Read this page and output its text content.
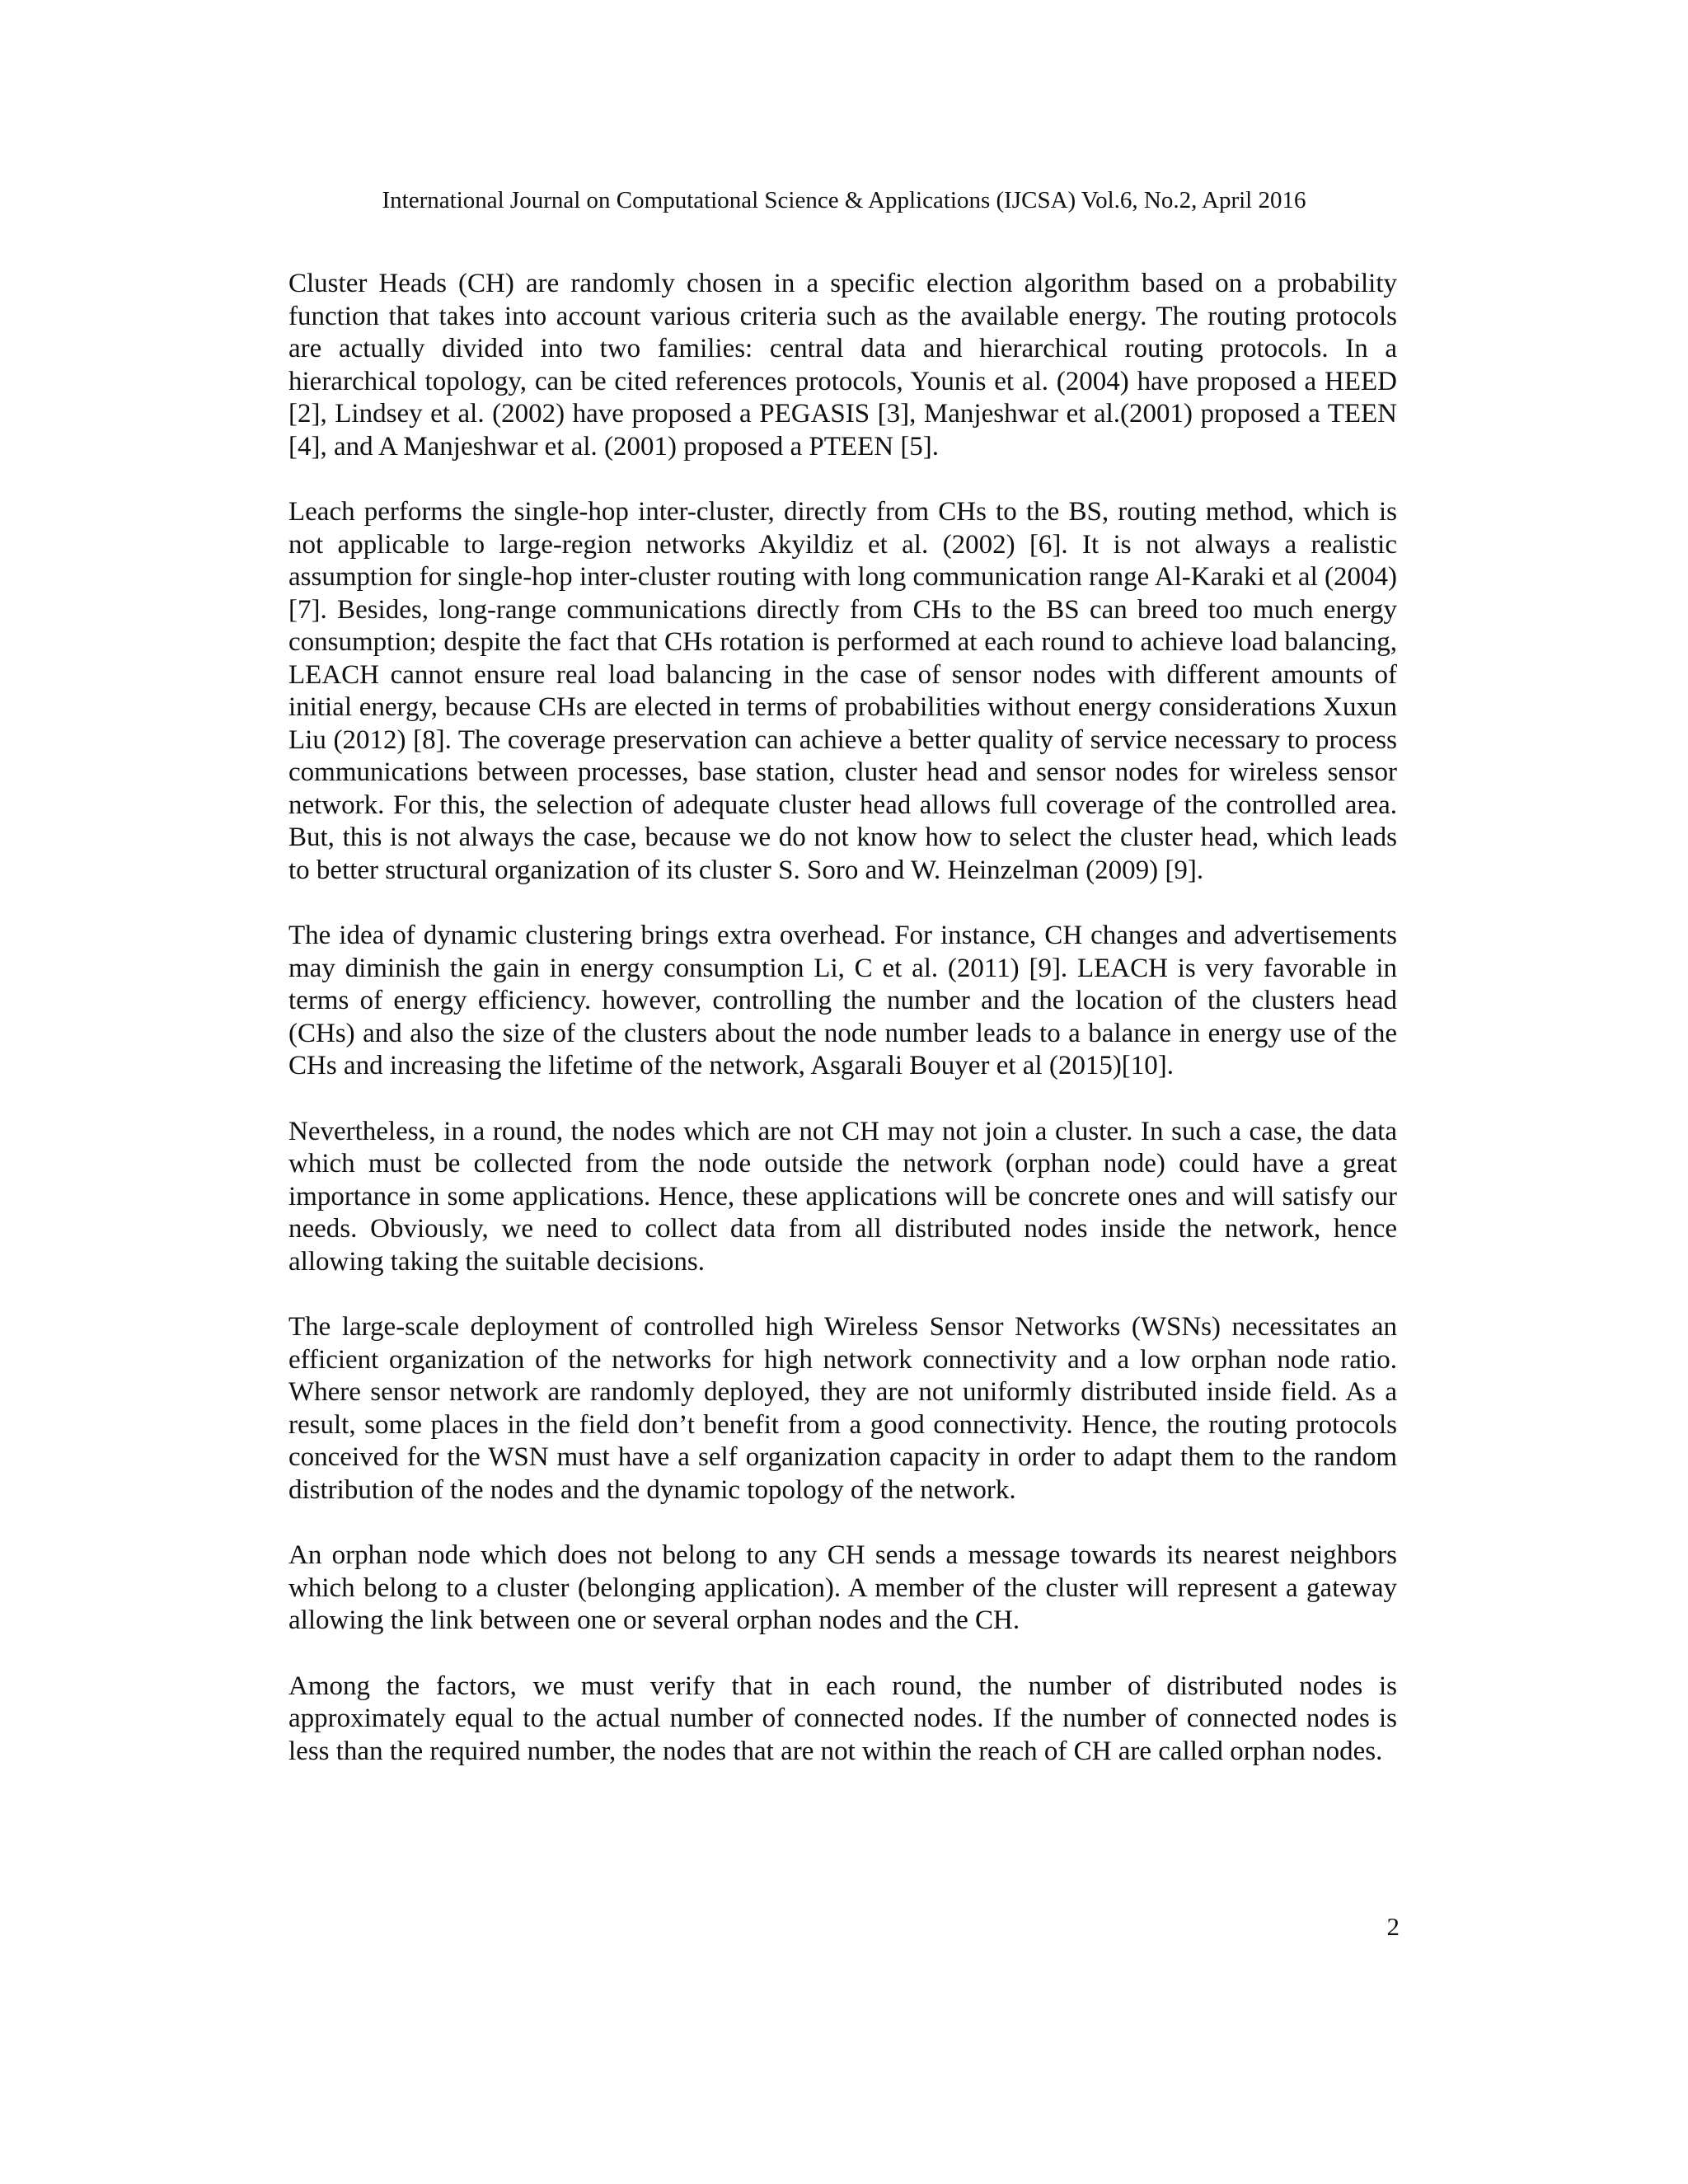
International Journal on Computational Science & Applications (IJCSA) Vol.6, No.2, April 2016

Cluster Heads (CH) are randomly chosen in a specific election algorithm based on a probability function that takes into account various criteria such as the available energy. The routing protocols are actually divided into two families: central data and hierarchical routing protocols. In a hierarchical topology, can be cited references protocols, Younis et al. (2004) have proposed a HEED [2], Lindsey et al. (2002) have proposed a PEGASIS [3], Manjeshwar et al.(2001) proposed a TEEN [4], and A Manjeshwar et al. (2001) proposed a PTEEN [5].

Leach performs the single-hop inter-cluster, directly from CHs to the BS, routing method, which is not applicable to large-region networks Akyildiz et al. (2002) [6]. It is not always a realistic assumption for single-hop inter-cluster routing with long communication range Al-Karaki et al (2004) [7]. Besides, long-range communications directly from CHs to the BS can breed too much energy consumption; despite the fact that CHs rotation is performed at each round to achieve load balancing, LEACH cannot ensure real load balancing in the case of sensor nodes with different amounts of initial energy, because CHs are elected in terms of probabilities without energy considerations Xuxun Liu (2012) [8]. The coverage preservation can achieve a better quality of service necessary to process communications between processes, base station, cluster head and sensor nodes for wireless sensor network. For this, the selection of adequate cluster head allows full coverage of the controlled area. But, this is not always the case, because we do not know how to select the cluster head, which leads to better structural organization of its cluster S. Soro and W. Heinzelman (2009) [9].

The idea of dynamic clustering brings extra overhead. For instance, CH changes and advertisements may diminish the gain in energy consumption Li, C et al. (2011) [9]. LEACH is very favorable in terms of energy efficiency. however, controlling the number and the location of the clusters head (CHs) and also the size of the clusters about the node number leads to a balance in energy use of the CHs and increasing the lifetime of the network, Asgarali Bouyer et al (2015)[10].

Nevertheless, in a round, the nodes which are not CH may not join a cluster. In such a case, the data which must be collected from the node outside the network (orphan node) could have a great importance in some applications. Hence, these applications will be concrete ones and will satisfy our needs. Obviously, we need to collect data from all distributed nodes inside the network, hence allowing taking the suitable decisions.

The large-scale deployment of controlled high Wireless Sensor Networks (WSNs) necessitates an efficient organization of the networks for high network connectivity and a low orphan node ratio. Where sensor network are randomly deployed, they are not uniformly distributed inside field. As a result, some places in the field don’t benefit from a good connectivity. Hence, the routing protocols conceived for the WSN must have a self organization capacity in order to adapt them to the random distribution of the nodes and the dynamic topology of the network.

An orphan node which does not belong to any CH sends a message towards its nearest neighbors which belong to a cluster (belonging application). A member of the cluster will represent a gateway allowing the link between one or several orphan nodes and the CH.

Among the factors, we must verify that in each round, the number of distributed nodes is approximately equal to the actual number of connected nodes. If the number of connected nodes is less than the required number, the nodes that are not within the reach of CH are called orphan nodes.

2
